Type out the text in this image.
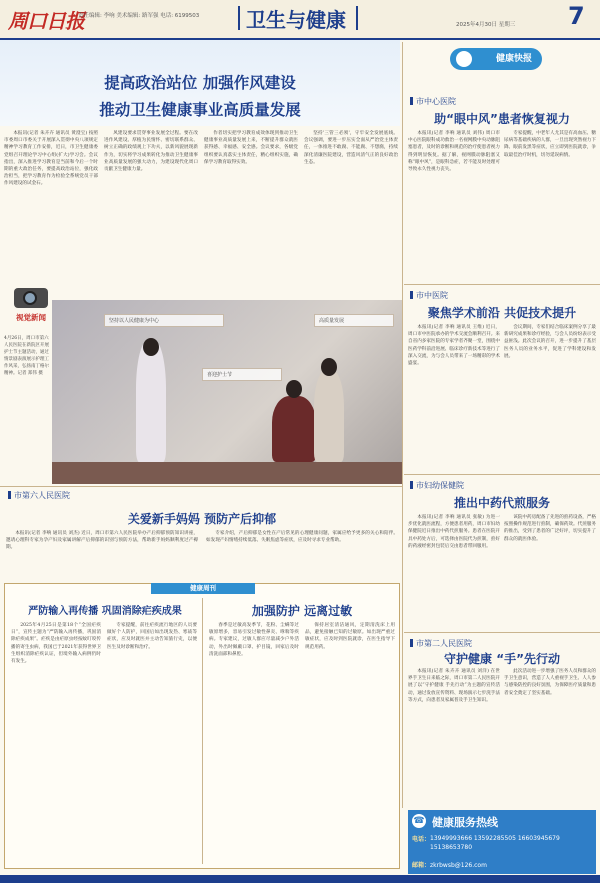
周口日报
责任编辑: 李响 美术编辑: 路军强 电话: 6199503 卫生与健康	2025年4月30日 星期三 7
提高政治站位 加强作风建设
推动卫生健康事业高质量发展
本报讯(记者 朱卉卉 通讯员 黄澄宝) 按照市委周口市委关于开展深入贯彻中央八项规定精神学习教育工作安排，近日，市卫生健康委党组召开理论学习中心组(扩大)学习会。会议指出，深入推进学习教育是当前和今后一个时期的重大政治任务，要提高政治站位，强化政治担当，把学习教育作为检验全系统党员干部作风建设的试金石。
风建设要求贯穿事业发展全过程。要在改进作风建设、厚植为民情怀、密切联系群众、树立正确的政绩观上下功夫，以新风貌展现新作为，切实将学习成果转化为推动卫生健康事业高质量发展的强大动力，为建设现代化周口贡献卫生健康力量。
作者切实把学习教育成效体现到推动卫生健康事业高质量发展上来，不断提升群众就医获得感、幸福感、安全感。会议要求，各级党组织要认真落实主体责任，精心组织实施，确保学习教育取得实效。
坚持'三管三必须'，守牢安全发展底线。会议强调，要进一步压实全面从严治党主体责任，一体推进不敢腐、不能腐、不想腐，持续深化清廉医院建设，营造风清气正的良好政治生态。
视觉新闻
4月26日，周口市第六人民医院在新院区开展护士节主题活动，通过情景剧表演展示护理工作风采，弘扬南丁格尔精神。记者 郑伟 摄
坚持以人民健康为中心	高质量发展
喜迎护士节
健康快报
市中心医院
助“眼中风”患者恢复视力
本报讯(记者 李响 通讯员 刘伟) 周口市中心医院眼科成功救治一名视网膜中央动脉阻塞患者，及时的诊断和规范的治疗使患者视力得到明显恢复。据了解，视网膜动脉阻塞又称“眼中风”，是眼科急症，若不能及时处理可导致永久性视力丧失。
专家提醒，中老年人尤其是有高血压、糖尿病等基础疾病的人群，一旦出现突然视力下降、眼前发黑等症状，应立即到医院就诊，争取最佳治疗时机，切勿延误病情。
市中医院
聚焦学术前沿 共促技术提升
本报讯(记者 李响 通讯员 王维) 近日，周口市中医院承办的学术交流会顺利召开。来自省内多家医院的专家学者齐聚一堂，围绕中医药学科前沿进展、临床诊疗新技术等进行了深入交流，为与会人员带来了一场精彩的学术盛宴。
会议期间，专家们结合临床案例分享了最新研究成果和诊疗经验，与会人员纷纷表示受益匪浅。此次会议的召开，进一步提升了基层医务人员的业务水平，促进了学科建设和发展。
市妇幼保健院
推出中药代煎服务
本报讯(记者 李响 通讯员 张敏) 为进一步优化就医流程，方便患者用药，周口市妇幼保健院近日推出中药代煎服务。患者在医院开具中药处方后，可选择由医院代为煎制，煎好的药液经密封包装后交由患者带回服用。
该院中药房配备了先进的煎药设备，严格按照操作规范进行煎制，确保药效。代煎服务的推出，受到了患者的广泛好评，切实提升了群众的就医体验。
市第二人民医院
守护健康 “手”先行动
本报讯(记者 朱卉卉 通讯员 刘洋) 在世界手卫生日来临之际，周口市第二人民医院开展了以“守护健康 手先行动”为主题的宣传活动，通过发放宣传资料、现场演示七步洗手法等方式，向患者及家属普及手卫生知识。
此次活动进一步增强了医务人员和群众的手卫生意识，营造了人人重视手卫生、人人参与感染防控的良好氛围，为保障医疗质量和患者安全奠定了坚实基础。
市第六人民医院
关爱新手妈妈 预防产后抑郁
本报讯(记者 李响 通讯员 刘杰) 近日，周口市第六人民医院举办产后抑郁预防知识讲座，邀请心理科专家为孕产妇及家属讲解产后抑郁的识别与预防方法，帮助新手妈妈顺利度过产褥期。
专家介绍，产后抑郁是女性在产后常见的心理健康问题，家属应给予更多的关心和陪伴。如发现产妇情绪持续低落、失眠焦虑等症状，应及时寻求专业帮助。
健康周刊
严防输入再传播 巩固消除疟疾成果
2025年4月25日是第18个“全国疟疾日”，宣传主题为“严防输入再传播，巩固消除疟疾成果”。疟疾是由疟原虫经按蚊叮咬传播的寄生虫病，我国已于2021年获得世界卫生组织消除疟疾认证，但境外输入病例仍时有发生。
专家提醒，前往疟疾流行地区的人员要做好个人防护，回国后如出现发热、寒战等症状，应及时就医并主动告知旅行史，以便医生及时诊断和治疗。
加强防护 远离过敏
春季是过敏高发季节，花粉、尘螨等过敏原增多，容易引发过敏性鼻炎、哮喘等疾病。专家建议，过敏人群应尽量减少户外活动，外出时佩戴口罩、护目镜，回家后及时清洗面部和鼻腔。
保持居室清洁通风，定期清洗床上用品，避免接触已知的过敏原。如出现严重过敏症状，应及时到医院就诊，在医生指导下规范用药。
☎ 健康服务热线
电话：13949993666 13592285505 16603945679 15138653780
邮箱：zkrbwsb@126.com
